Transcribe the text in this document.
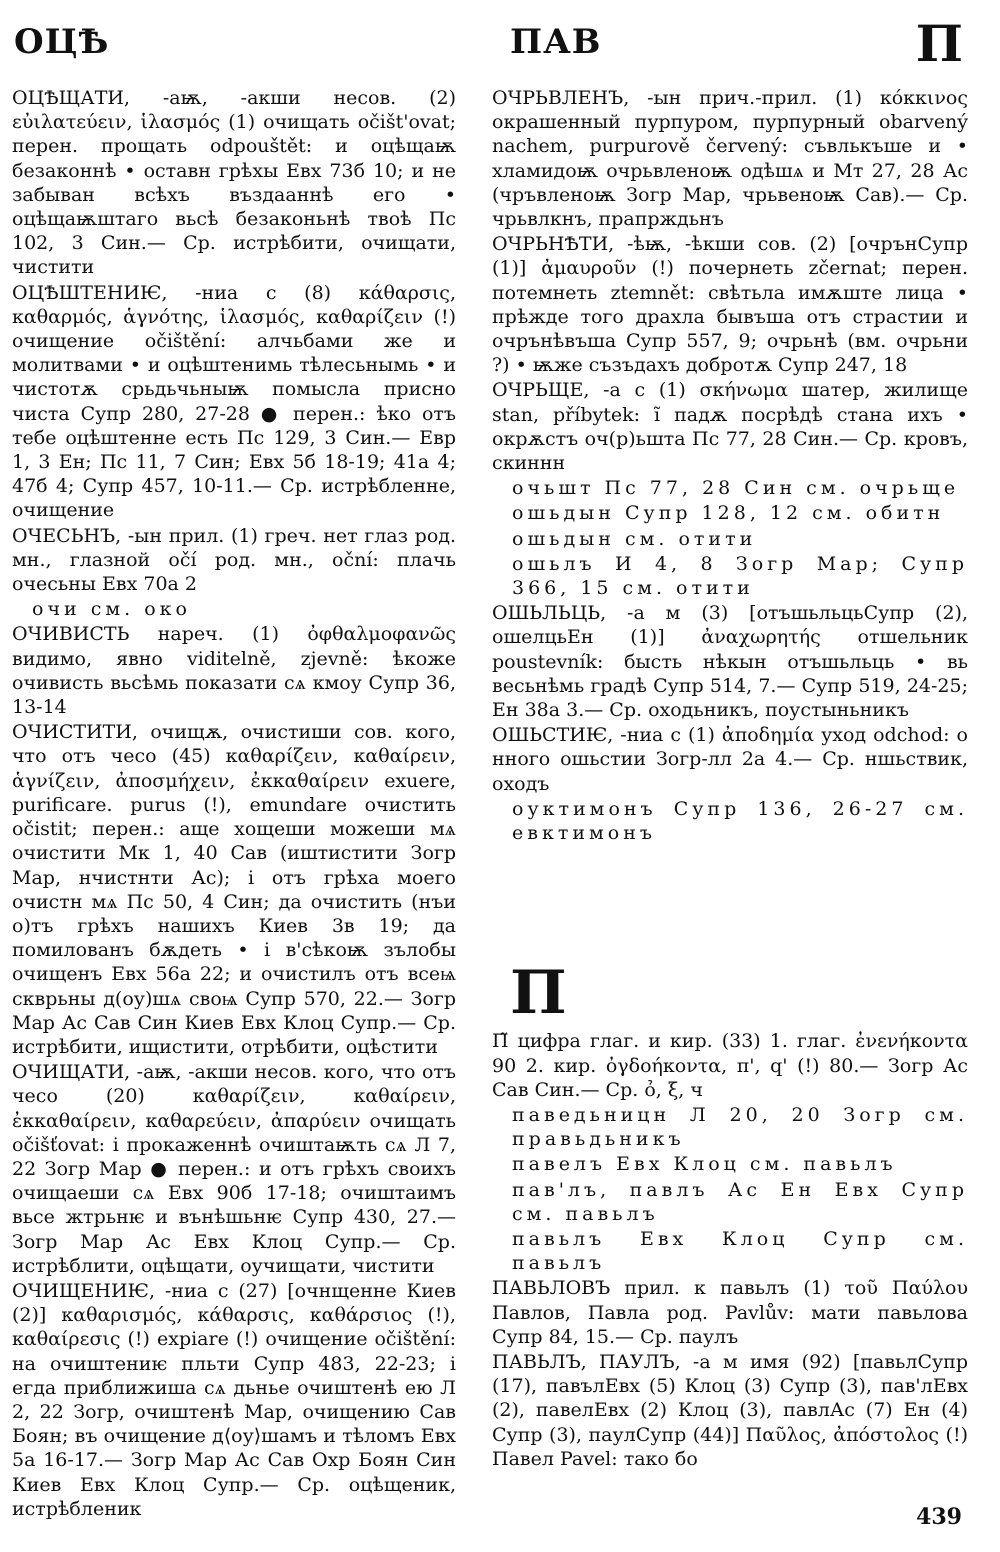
ОЦѢ	ПАВ	П

ОЦѢЩАТИ, -аѭ, -акши несов. (2) εὐιλατεύειν, ἱλασμός (1) очищать očišt'ovat; перен. прощать odpouštět: и оцѣщаѭ безаконнѣ • оставн грѣхы Евх 73б 10; и не забыван всѣхъ въздааннѣ его • оцѣщаѭштаго вьсѣ безаконьнѣ твоѣ Пс 102, 3 Син.— Ср. истрѣбити, очищати, чистити

ОЦѢШТЕНИѤ, -ниа с (8) κάθαρσις, καθαρμός, ἁγνότης, ἱλασμός, καθαρίζειν (!) очищение očištění: алчьбами же и молитвами • и оцѣштенимь тѣлесьнымь • и чистотѫ срьдьчьныѭ помысла присно чиста Супр 280, 27-28 ● перен.: ѣко отъ тебе оцѣштенне есть Пс 129, 3 Син.— Евр 1, 3 Ен; Пс 11, 7 Син; Евх 5б 18-19; 41а 4; 47б 4; Супр 457, 10-11.— Ср. истрѣбленне, очищение

ОЧЕСЬНЪ, -ын прил. (1) греч. нет глаз род. мн., глазной očí род. мн., oční: плачь очесьны Евх 70а 2

очи см. око

ОЧИВИСТЬ нареч. (1) ὀφθαλμοφανῶς видимо, явно viditelně, zjevně: ѣкоже очивисть вьсѣмь показати сѧ кмоу Супр 36, 13-14

ОЧИСТИТИ, очищѫ, очистиши сов. кого, что отъ чесо (45) καθαρίζειν, καθαίρειν, ἁγνίζειν, ἀποσμήχειν, ἐκκαθαίρειν exuere, purificare. purus (!), emundare очистить očistit; перен.: аще хощеши можеши мѧ очистити Мк 1, 40 Сав (иштистити Зогр Мар, нчистнти Ас); і отъ грѣха моего очистн мѧ Пс 50, 4 Син; да очистить (нъи о)тъ грѣхъ нашихъ Киев 3в 19; да помилованъ бѫдеть • і в'сѣкоѭ зълобы очищенъ Евх 56а 22; и очистилъ отъ всеѩ скврьны д(оу)шѧ своѩ Супр 570, 22.— Зогр Мар Ас Сав Син Киев Евх Клоц Супр.— Ср. истрѣбити, ищистити, отрѣбити, оцѣстити

ОЧИЩАТИ, -аѭ, -акши несов. кого, что отъ чесо (20) καθαρίζειν, καθαίρειν, ἐκκαθαίρειν, καθαρεύειν, ἀπαρύειν очищать očišťovat: і прокаженнѣ очиштаѭть сѧ Л 7, 22 Зогр Мар ● перен.: и отъ грѣхъ своихъ очищаеши сѧ Евх 90б 17-18; очиштаимъ вьсе жтрьнѥ и вънѣшьнѥ Супр 430, 27.— Зогр Мар Ас Евх Клоц Супр.— Ср. истрѣблити, оцѣщати, оучищати, чистити

ОЧИЩЕНИѤ, -ниа с (27) [очнщенне Киев (2)] καθαρισμός, κάθαρσις, καθάρσιος (!), καθαίρεσις (!) expiare (!) очищение očištění: на очиштениѥ пльти Супр 483, 22-23; і егда приближиша сѧ дьнье очиштенѣ ею Л 2, 22 Зогр, очиштенѣ Мар, очищению Сав Боян; въ очищение д⟨оу⟩шамъ и тѣломъ Евх 5а 16-17.— Зогр Мар Ас Сав Охр Боян Син Киев Евх Клоц Супр.— Ср. оцѣщеник, истрѣбленик

ОЧРЬВЛЕНЪ, -ын прич.-прил. (1) κόκκινος окрашенный пурпуром, пурпурный obarvený nachem, purpurově červený: съвлькъше и • хламидоѭ очрьвленоѭ одѣшѧ и Мт 27, 28 Ас (чръвленоѭ Зогр Мар, чрьвеноѭ Сав).— Ср. чрьвлкнъ, прапрждьнъ

ОЧРЬНѢТИ, -ѣѭ, -ѣкши сов. (2) [очрънСупр (1)] ἀμαυροῦν (!) почернеть zčernat; перен. потемнеть ztemnět: свѣтьла имѫште лица • прѣжде того драхла бывъша отъ страстии и очрънѣвъша Супр 557, 9; очрьнѣ (вм. очрьни ?) • ѭже съзъдахъ добротѫ Супр 247, 18

ОЧРЬЩЕ, -а с (1) σκήνωμα шатер, жилище stan, příbytek: ĩ падѫ посрѣдѣ стана ихъ • окрѫстъ оч(р)ьшта Пс 77, 28 Син.— Ср. кровъ, скиннн

очьшт Пс 77, 28 Син см. очрьще

ошьдын Супр 128, 12 см. обитн

ошьдын см. отити

ошьлъ И 4, 8 Зогр Мар; Супр 366, 15 см. отити

ОШЬЛЬЦЬ, -а м (3) [отъшьльцьСупр (2), ошелцьЕн (1)] ἀναχωρητής отшельник poustevník: бысть нѣкын отъшьльць • вь весьнѣмь градѣ Супр 514, 7.— Супр 519, 24-25; Ен 38а 3.— Ср. оходьникъ, поустыньникъ

ОШЬСТИѤ, -ниа с (1) ἀποδημία уход odchod: о нного ошьстии Зогр-лл 2а 4.— Ср. ншьствик, оходъ

оуктимонъ Супр 136, 26-27 см. евктимонъ

П

П̃ цифра глаг. и кир. (33) 1. глаг. ἐνενήκοντα 90 2. кир. ὀγδοήκοντα, π', q' (!) 80.— Зогр Ас Сав Син.— Ср. ỏ, ξ, ч

паведьницн Л 20, 20 Зогр см. правьдьникъ

павелъ Евх Клоц см. павьлъ

пав'лъ, павлъ Ас Ен Евх Супр см. павьлъ

павьлъ Евх Клоц Супр см. павьлъ

ПАВЬЛОВЪ прил. к павьлъ (1) τοῦ Παύλου Павлов, Павла род. Pavlův: мати павьлова Супр 84, 15.— Ср. паулъ

ПАВЬЛЪ, ПАУЛЪ, -а м имя (92) [павьлСупр (17), павълЕвх (5) Клоц (3) Супр (3), пав'лЕвх (2), павелЕвх (2) Клоц (3), павлАс (7) Ен (4) Супр (3), паулСупр (44)] Παῦλος, ἀπόστολος (!) Павел Pavel: тако бо

439
